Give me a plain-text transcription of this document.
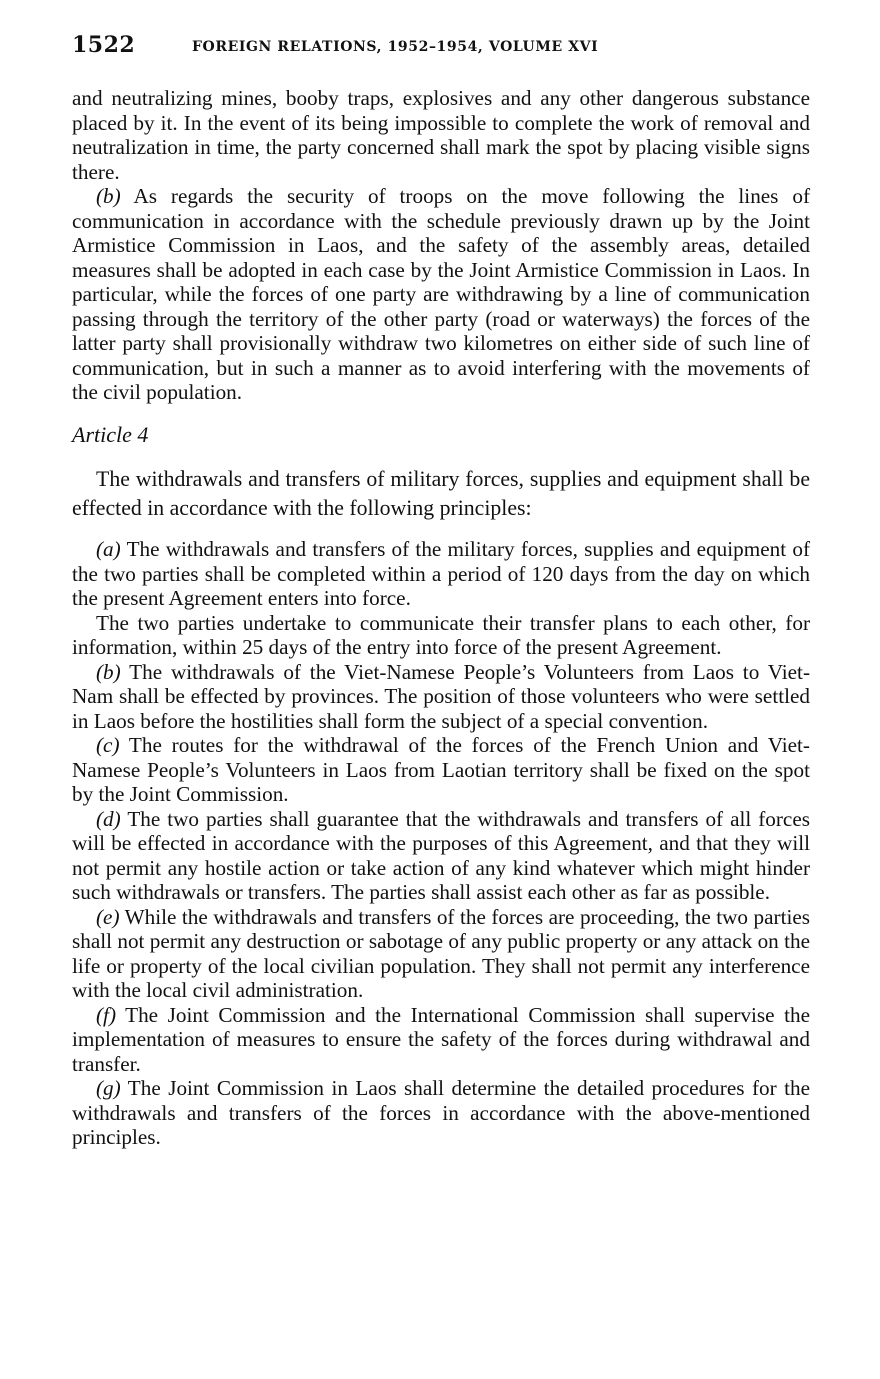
1522	FOREIGN RELATIONS, 1952–1954, VOLUME XVI

and neutralizing mines, booby traps, explosives and any other dangerous substance placed by it. In the event of its being impossible to complete the work of removal and neutralization in time, the party concerned shall mark the spot by placing visible signs there.

(b) As regards the security of troops on the move following the lines of communication in accordance with the schedule previously drawn up by the Joint Armistice Commission in Laos, and the safety of the assembly areas, detailed measures shall be adopted in each case by the Joint Armistice Commission in Laos. In particular, while the forces of one party are withdrawing by a line of communication passing through the territory of the other party (road or waterways) the forces of the latter party shall provisionally withdraw two kilometres on either side of such line of communication, but in such a manner as to avoid interfering with the movements of the civil population.

Article 4

The withdrawals and transfers of military forces, supplies and equipment shall be effected in accordance with the following principles:

(a) The withdrawals and transfers of the military forces, supplies and equipment of the two parties shall be completed within a period of 120 days from the day on which the present Agreement enters into force.

The two parties undertake to communicate their transfer plans to each other, for information, within 25 days of the entry into force of the present Agreement.

(b) The withdrawals of the Viet-Namese People’s Volunteers from Laos to Viet-Nam shall be effected by provinces. The position of those volunteers who were settled in Laos before the hostilities shall form the subject of a special convention.

(c) The routes for the withdrawal of the forces of the French Union and Viet-Namese People’s Volunteers in Laos from Laotian territory shall be fixed on the spot by the Joint Commission.

(d) The two parties shall guarantee that the withdrawals and transfers of all forces will be effected in accordance with the purposes of this Agreement, and that they will not permit any hostile action or take action of any kind whatever which might hinder such withdrawals or transfers. The parties shall assist each other as far as possible.

(e) While the withdrawals and transfers of the forces are proceeding, the two parties shall not permit any destruction or sabotage of any public property or any attack on the life or property of the local civilian population. They shall not permit any interference with the local civil administration.

(f) The Joint Commission and the International Commission shall supervise the implementation of measures to ensure the safety of the forces during withdrawal and transfer.

(g) The Joint Commission in Laos shall determine the detailed procedures for the withdrawals and transfers of the forces in accordance with the above-mentioned principles.
